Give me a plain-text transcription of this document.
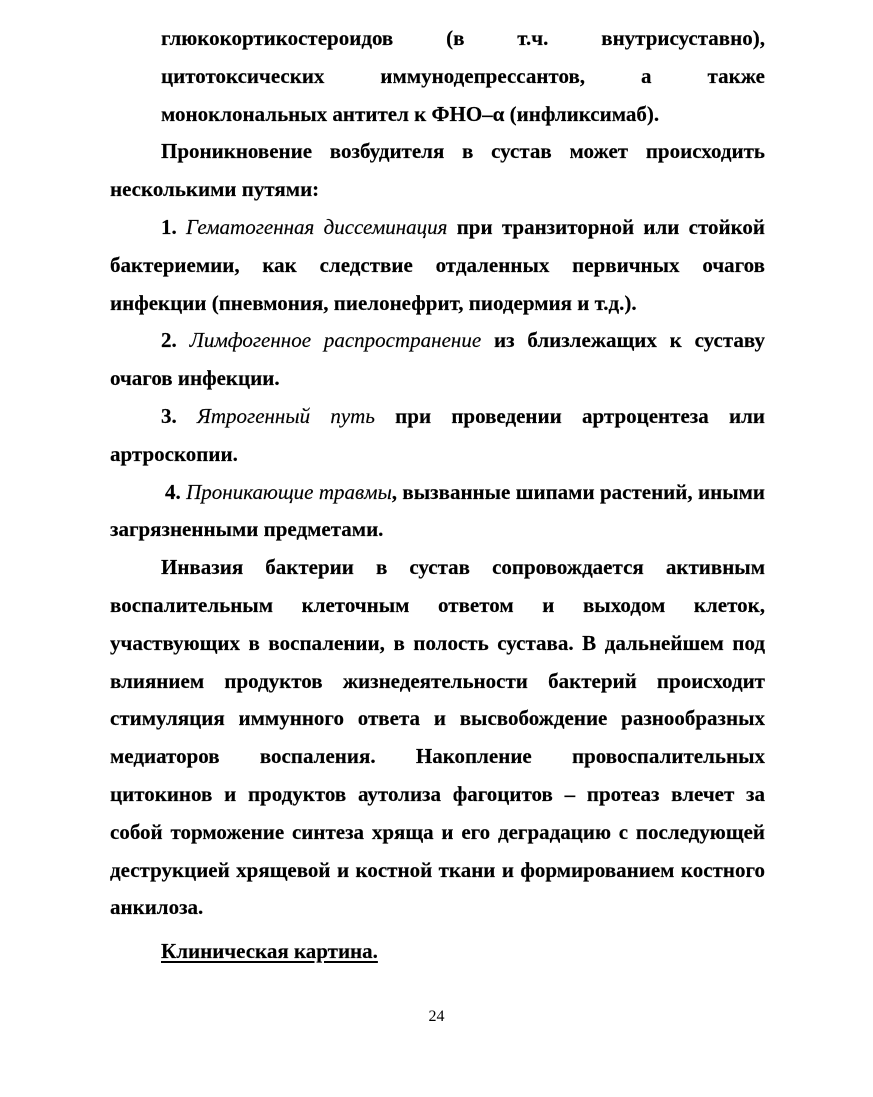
глюкокортикостероидов (в т.ч. внутрисуставно), цитотоксических иммунодепрессантов, а также моноклональных антител к ФНО–α (инфликсимаб).

Проникновение возбудителя в сустав может происходить несколькими путями:

1. Гематогенная диссеминация при транзиторной или стойкой бактериемии, как следствие отдаленных первичных очагов инфекции (пневмония, пиелонефрит, пиодермия и т.д.).

2. Лимфогенное распространение из близлежащих к суставу очагов инфекции.

3. Ятрогенный путь при проведении артроцентеза или артроскопии.

4. Проникающие травмы, вызванные шипами растений, иными загрязненными предметами.

Инвазия бактерии в сустав сопровождается активным воспалительным клеточным ответом и выходом клеток, участвующих в воспалении, в полость сустава. В дальнейшем под влиянием продуктов жизнедеятельности бактерий происходит стимуляция иммунного ответа и высвобождение разнообразных медиаторов воспаления. Накопление провоспалительных цитокинов и продуктов аутолиза фагоцитов – протеаз влечет за собой торможение синтеза хряща и его деградацию с последующей деструкцией хрящевой и костной ткани и формированием костного анкилоза.

Клиническая картина.

24
